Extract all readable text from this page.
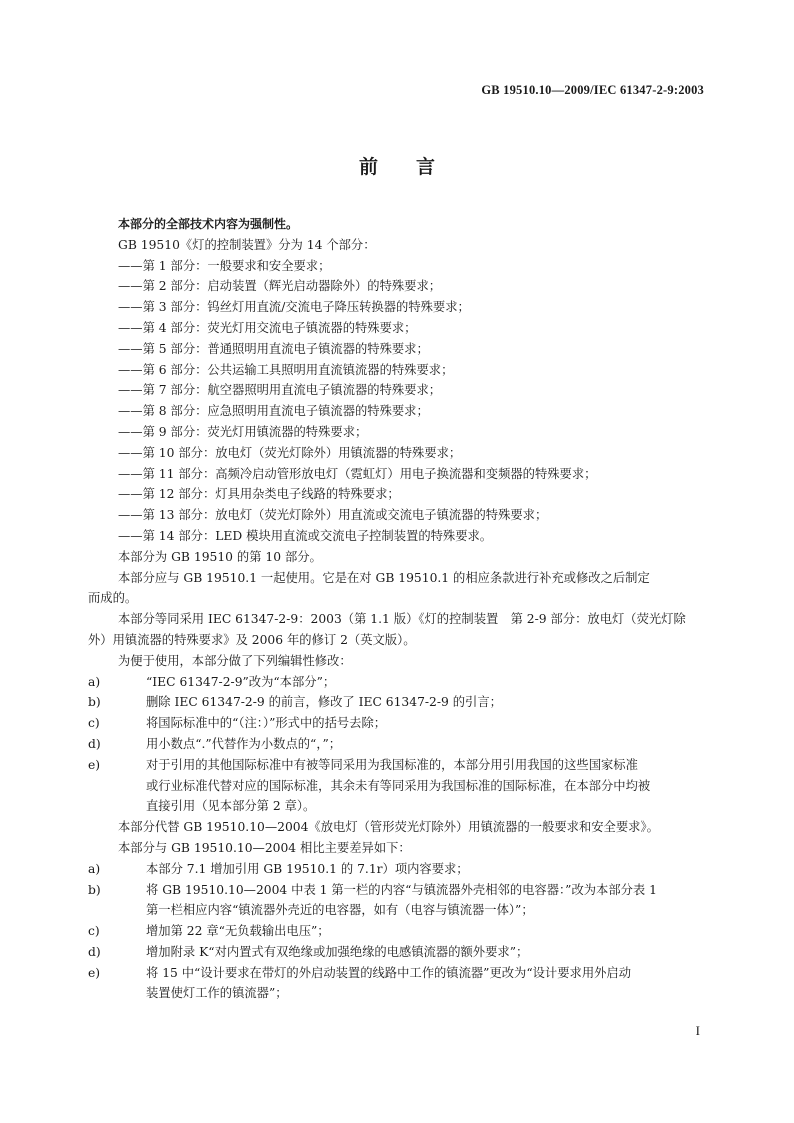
GB 19510.10—2009/IEC 61347-2-9:2003
前言
本部分的全部技术内容为强制性。
GB 19510《灯的控制装置》分为 14 个部分：
——第 1 部分：一般要求和安全要求；
——第 2 部分：启动装置（辉光启动器除外）的特殊要求；
——第 3 部分：钨丝灯用直流/交流电子降压转换器的特殊要求；
——第 4 部分：荧光灯用交流电子镇流器的特殊要求；
——第 5 部分：普通照明用直流电子镇流器的特殊要求；
——第 6 部分：公共运输工具照明用直流镇流器的特殊要求；
——第 7 部分：航空器照明用直流电子镇流器的特殊要求；
——第 8 部分：应急照明用直流电子镇流器的特殊要求；
——第 9 部分：荧光灯用镇流器的特殊要求；
——第 10 部分：放电灯（荧光灯除外）用镇流器的特殊要求；
——第 11 部分：高频冷启动管形放电灯（霓虹灯）用电子换流器和变频器的特殊要求；
——第 12 部分：灯具用杂类电子线路的特殊要求；
——第 13 部分：放电灯（荧光灯除外）用直流或交流电子镇流器的特殊要求；
——第 14 部分：LED 模块用直流或交流电子控制装置的特殊要求。
本部分为 GB 19510 的第 10 部分。
本部分应与 GB 19510.1 一起使用。它是在对 GB 19510.1 的相应条款进行补充或修改之后制定
而成的。
本部分等同采用 IEC 61347-2-9：2003（第 1.1 版）《灯的控制装置　第 2-9 部分：放电灯（荧光灯除
外）用镇流器的特殊要求》及 2006 年的修订 2（英文版）。
为便于使用，本部分做了下列编辑性修改：
a)	“IEC 61347-2-9”改为“本部分”；
b)	删除 IEC 61347-2-9 的前言，修改了 IEC 61347-2-9 的引言；
c)	将国际标准中的“（注：）”形式中的括号去除；
d)	用小数点“.”代替作为小数点的“，”；
e)	对于引用的其他国际标准中有被等同采用为我国标准的，本部分用引用我国的这些国家标准
或行业标准代替对应的国际标准，其余未有等同采用为我国标准的国际标准，在本部分中均被
直接引用（见本部分第 2 章）。
本部分代替 GB 19510.10—2004《放电灯（管形荧光灯除外）用镇流器的一般要求和安全要求》。
本部分与 GB 19510.10—2004 相比主要差异如下：
a)	本部分 7.1 增加引用 GB 19510.1 的 7.1r）项内容要求；
b)	将 GB 19510.10—2004 中表 1 第一栏的内容“与镇流器外壳相邻的电容器：”改为本部分表 1
第一栏相应内容“镇流器外壳近的电容器，如有（电容与镇流器一体）”；
c)	增加第 22 章“无负载输出电压”；
d)	增加附录 K“对内置式有双绝缘或加强绝缘的电感镇流器的额外要求”；
e)	将 15 中“设计要求在带灯的外启动装置的线路中工作的镇流器”更改为“设计要求用外启动
装置使灯工作的镇流器”；
I
